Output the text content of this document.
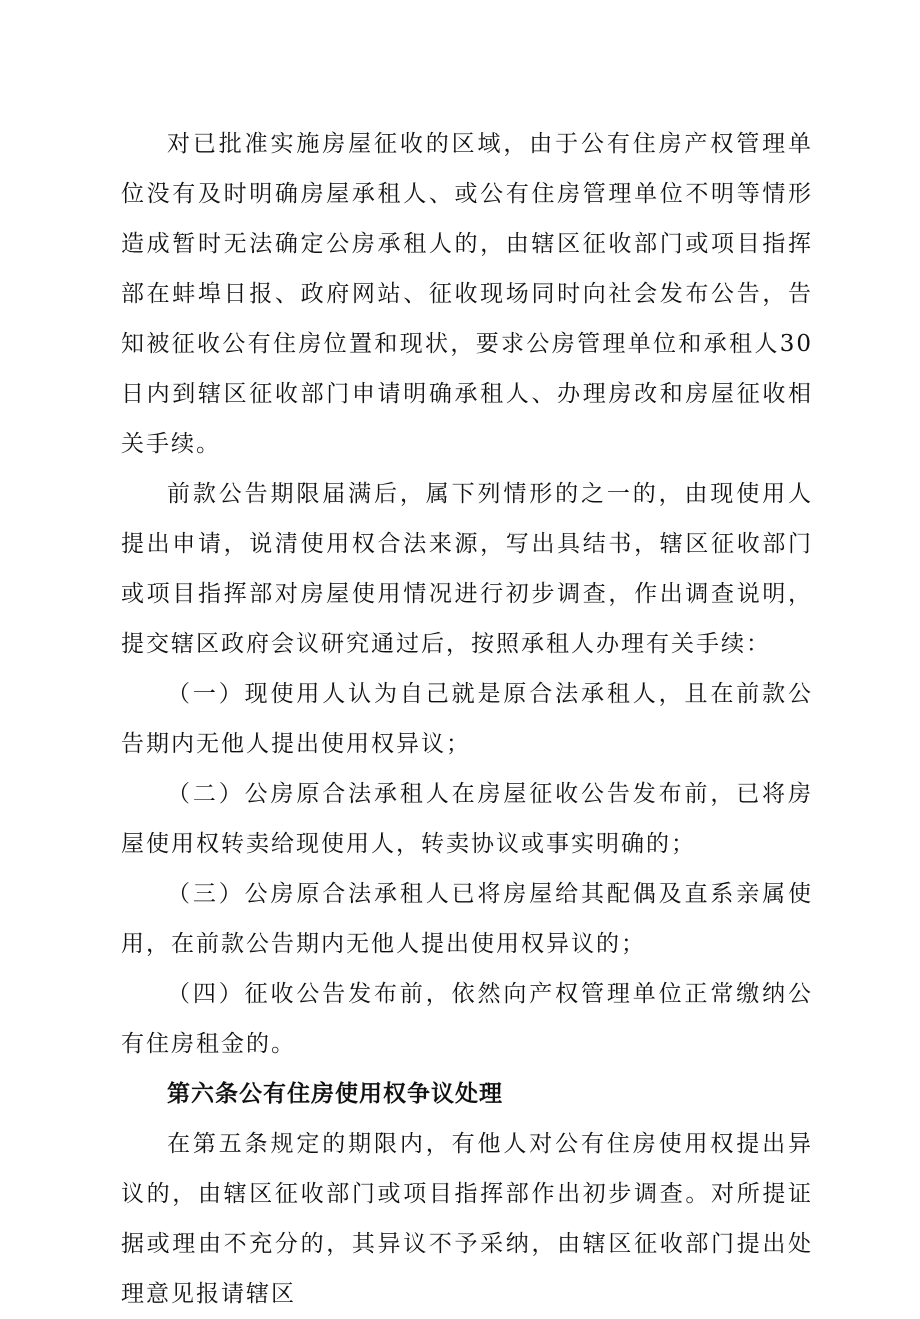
对已批准实施房屋征收的区域，由于公有住房产权管理单位没有及时明确房屋承租人、或公有住房管理单位不明等情形造成暂时无法确定公房承租人的，由辖区征收部门或项目指挥部在蚌埠日报、政府网站、征收现场同时向社会发布公告，告知被征收公有住房位置和现状，要求公房管理单位和承租人30日内到辖区征收部门申请明确承租人、办理房改和房屋征收相关手续。

前款公告期限届满后，属下列情形的之一的，由现使用人提出申请，说清使用权合法来源，写出具结书，辖区征收部门或项目指挥部对房屋使用情况进行初步调查，作出调查说明，提交辖区政府会议研究通过后，按照承租人办理有关手续：

（一）现使用人认为自己就是原合法承租人，且在前款公告期内无他人提出使用权异议；

（二）公房原合法承租人在房屋征收公告发布前，已将房屋使用权转卖给现使用人，转卖协议或事实明确的；

（三）公房原合法承租人已将房屋给其配偶及直系亲属使用，在前款公告期内无他人提出使用权异议的；

（四）征收公告发布前，依然向产权管理单位正常缴纳公有住房租金的。

第六条公有住房使用权争议处理

在第五条规定的期限内，有他人对公有住房使用权提出异议的，由辖区征收部门或项目指挥部作出初步调查。对所提证据或理由不充分的，其异议不予采纳，由辖区征收部门提出处理意见报请辖区
